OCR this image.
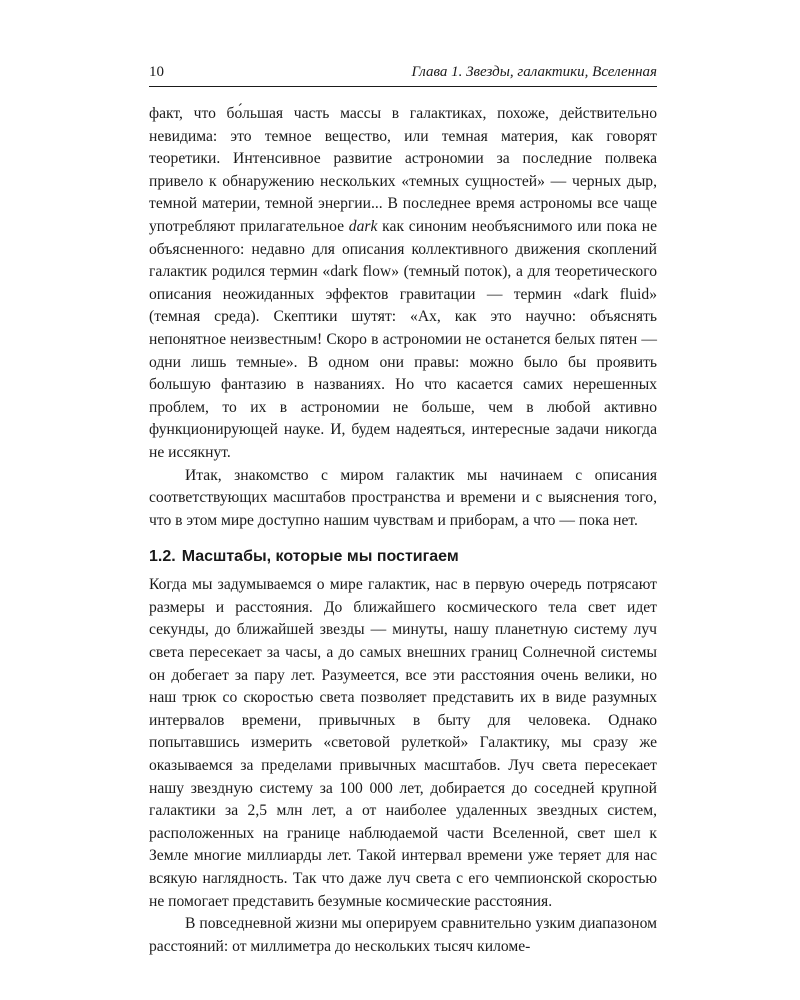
10	Глава 1. Звезды, галактики, Вселенная

факт, что бо́льшая часть массы в галактиках, похоже, действительно невидима: это темное вещество, или темная материя, как говорят теоретики. Интенсивное развитие астрономии за последние полвека привело к обнаружению нескольких «темных сущностей» — черных дыр, темной материи, темной энергии... В последнее время астрономы все чаще употребляют прилагательное dark как синоним необъяснимого или пока не объясненного: недавно для описания коллективного движения скоплений галактик родился термин «dark flow» (темный поток), а для теоретического описания неожиданных эффектов гравитации — термин «dark fluid» (темная среда). Скептики шутят: «Ах, как это научно: объяснять непонятное неизвестным! Скоро в астрономии не останется белых пятен — одни лишь темные». В одном они правы: можно было бы проявить большую фантазию в названиях. Но что касается самих нерешенных проблем, то их в астрономии не больше, чем в любой активно функционирующей науке. И, будем надеяться, интересные задачи никогда не иссякнут.

Итак, знакомство с миром галактик мы начинаем с описания соответствующих масштабов пространства и времени и с выяснения того, что в этом мире доступно нашим чувствам и приборам, а что — пока нет.

1.2. Масштабы, которые мы постигаем

Когда мы задумываемся о мире галактик, нас в первую очередь потрясают размеры и расстояния. До ближайшего космического тела свет идет секунды, до ближайшей звезды — минуты, нашу планетную систему луч света пересекает за часы, а до самых внешних границ Солнечной системы он добегает за пару лет. Разумеется, все эти расстояния очень велики, но наш трюк со скоростью света позволяет представить их в виде разумных интервалов времени, привычных в быту для человека. Однако попытавшись измерить «световой рулеткой» Галактику, мы сразу же оказываемся за пределами привычных масштабов. Луч света пересекает нашу звездную систему за 100 000 лет, добирается до соседней крупной галактики за 2,5 млн лет, а от наиболее удаленных звездных систем, расположенных на границе наблюдаемой части Вселенной, свет шел к Земле многие миллиарды лет. Такой интервал времени уже теряет для нас всякую наглядность. Так что даже луч света с его чемпионской скоростью не помогает представить безумные космические расстояния.

В повседневной жизни мы оперируем сравнительно узким диапазоном расстояний: от миллиметра до нескольких тысяч киломе-
